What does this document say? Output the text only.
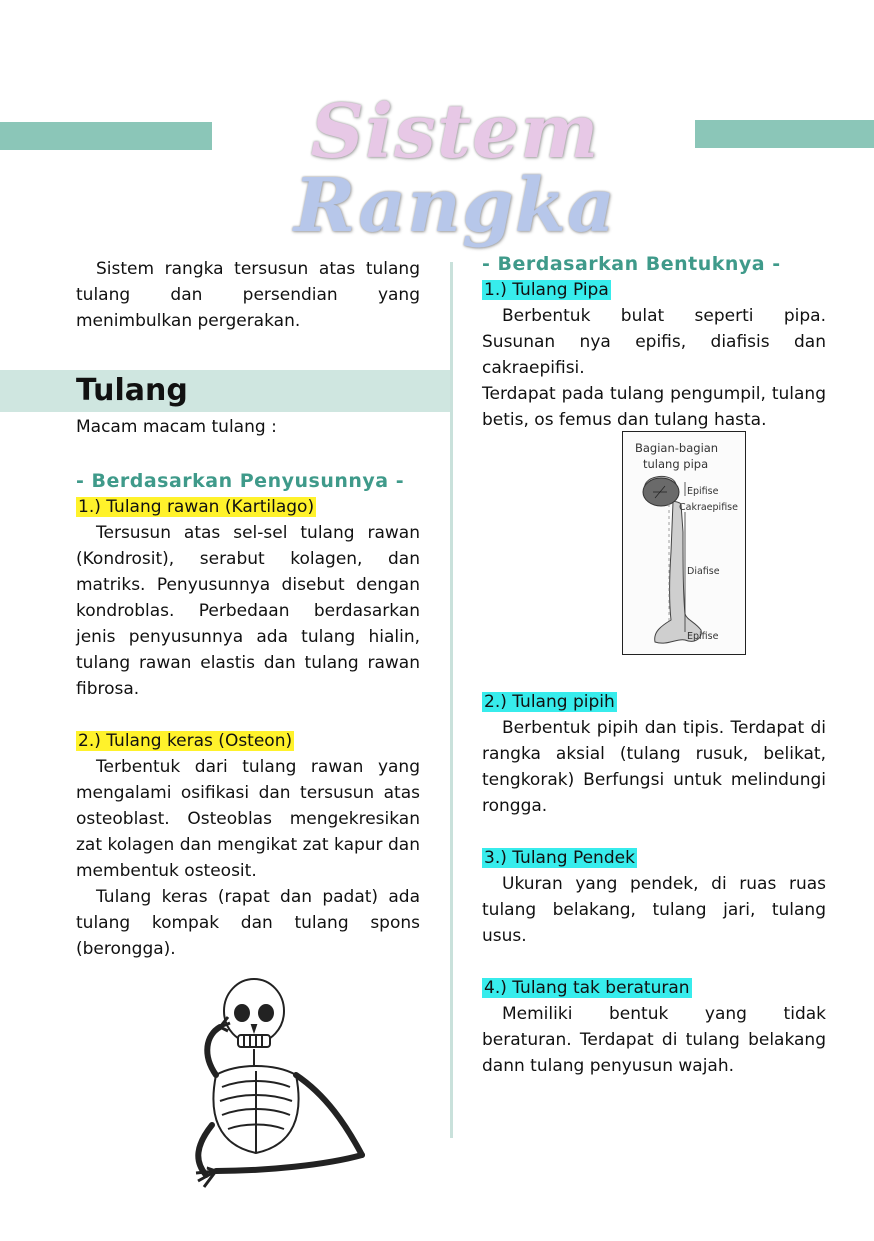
Sistem Rangka

Sistem rangka tersusun atas tulang tulang dan persendian yang menimbulkan pergerakan.

Tulang

Macam macam tulang :

- Berdasarkan Penyusunnya -

1.) Tulang rawan (Kartilago)

Tersusun atas sel-sel tulang rawan (Kondrosit), serabut kolagen, dan matriks. Penyusunnya disebut dengan kondroblas. Perbedaan berdasarkan jenis penyusunnya ada tulang hialin, tulang rawan elastis dan tulang rawan fibrosa.

2.) Tulang keras (Osteon)

Terbentuk dari tulang rawan yang mengalami osifikasi dan tersusun atas osteoblast. Osteoblas mengekresikan zat kolagen dan mengikat zat kapur dan membentuk osteosit.

Tulang keras (rapat dan padat) ada tulang kompak dan tulang spons (berongga).

- Berdasarkan Bentuknya -

1.) Tulang Pipa

Berbentuk bulat seperti pipa. Susunan nya epifis, diafisis dan cakraepifisi.

Terdapat pada tulang pengumpil, tulang betis, os femus dan tulang hasta.

Bagian-bagian
tulang pipa
Epifise
Cakraepifise
Diafise
Epifise

2.) Tulang pipih

Berbentuk pipih dan tipis. Terdapat di rangka aksial (tulang rusuk, belikat, tengkorak) Berfungsi untuk melindungi rongga.

3.) Tulang Pendek

Ukuran yang pendek, di ruas ruas tulang belakang, tulang jari, tulang usus.

4.) Tulang tak beraturan

Memiliki bentuk yang tidak beraturan. Terdapat di tulang belakang dann tulang penyusun wajah.
